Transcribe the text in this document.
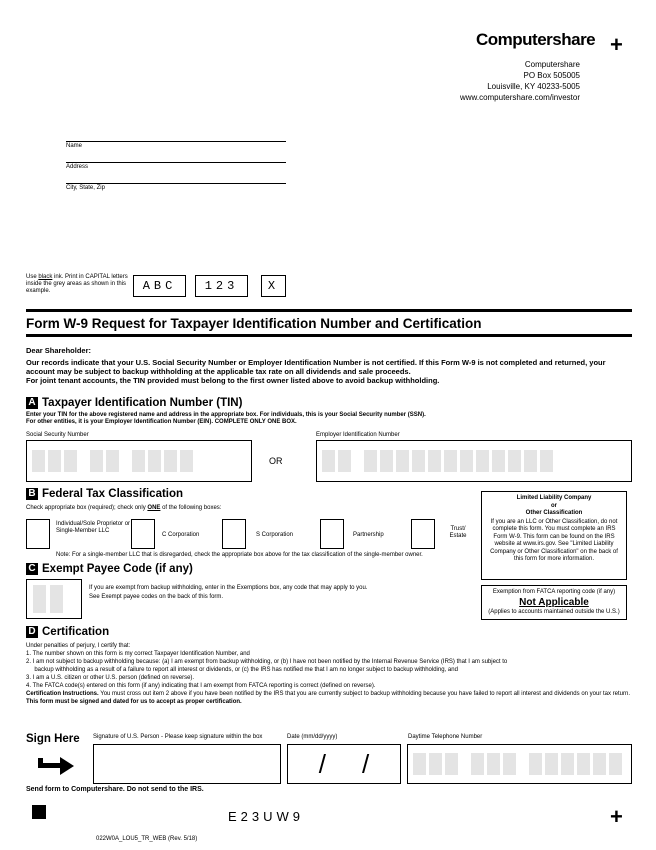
Computershare +
Computershare
PO Box 505005
Louisville, KY 40233-5005
www.computershare.com/investor
Name
Address
City, State, Zip
Use black ink. Print in CAPITAL letters inside the grey areas as shown in this example.	ABC	123	X
Form W-9 Request for Taxpayer Identification Number and Certification
Dear Shareholder:
Our records indicate that your U.S. Social Security Number or Employer Identification Number is not certified. If this Form W-9 is not completed and returned, your account may be subject to backup withholding at the applicable tax rate on all dividends and sale proceeds.
For joint tenant accounts, the TIN provided must belong to the first owner listed above to avoid backup withholding.
A Taxpayer Identification Number (TIN)
Enter your TIN for the above registered name and address in the appropriate box. For individuals, this is your Social Security number (SSN).
For other entities, it is your Employer Identification Number (EIN). COMPLETE ONLY ONE BOX.
Social Security Number	Employer Identification Number
OR
B Federal Tax Classification
Check appropriate box (required); check only ONE of the following boxes:
Individual/Sole Proprietor or Single-Member LLC
C Corporation	S Corporation	Partnership
Trust/ Estate
Note: For a single-member LLC that is disregarded, check the appropriate box above for the tax classification of the single-member owner.
Limited Liability Company
or
Other Classification
If you are an LLC or Other Classification, do not complete this form. You must complete an IRS Form W-9. This form can be found on the IRS website at www.irs.gov. See "Limited Liability Company or Other Classification" on the back of this form for more information.
C Exempt Payee Code (if any)
If you are exempt from backup withholding, enter in the Exemptions box, any code that may apply to you.
See Exempt payee codes on the back of this form.
Exemption from FATCA reporting code (if any)
Not Applicable
(Applies to accounts maintained outside the U.S.)
D Certification
Under penalties of perjury, I certify that:
1. The number shown on this form is my correct Taxpayer Identification Number, and
2. I am not subject to backup withholding because: (a) I am exempt from backup withholding, or (b) I have not been notified by the Internal Revenue Service (IRS) that I am subject to
backup withholding as a result of a failure to report all interest or dividends, or (c) the IRS has notified me that I am no longer subject to backup withholding, and
3. I am a U.S. citizen or other U.S. person (defined on reverse).
4. The FATCA code(s) entered on this form (if any) indicating that I am exempt from FATCA reporting is correct (defined on reverse).
Certification Instructions. You must cross out item 2 above if you have been notified by the IRS that you are currently subject to backup withholding because you have failed to report all interest and dividends on your tax return.
This form must be signed and dated for us to accept as proper certification.
Sign Here Signature of U.S. Person - Please keep signature within the box	Date (mm/dd/yyyy)
/     /
Daytime Telephone Number
Send form to Computershare. Do not send to the IRS.
E23UW9	+
022W0A_LOU5_TR_WEB (Rev. 5/18)
